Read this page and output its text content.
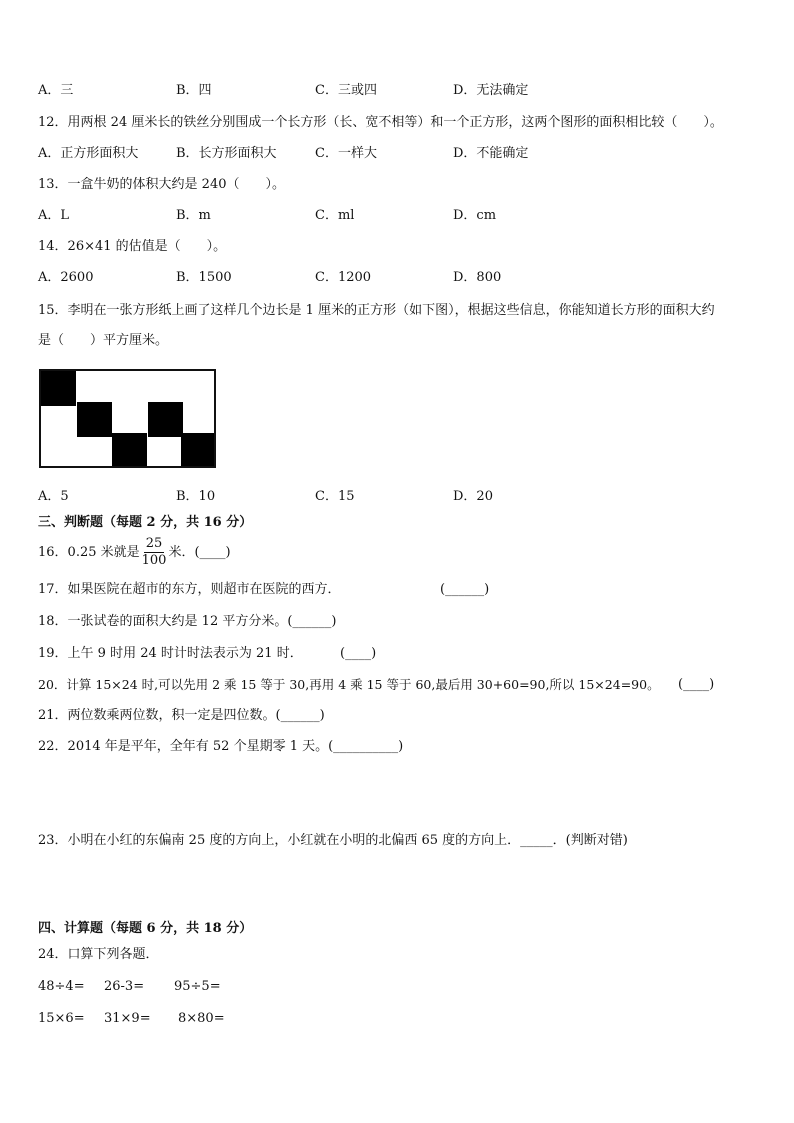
A．三	B．四	C．三或四	D．无法确定
12．用两根 24 厘米长的铁丝分别围成一个长方形（长、宽不相等）和一个正方形，这两个图形的面积相比较（　　）。
A．正方形面积大	B．长方形面积大	C．一样大	D．不能确定
13．一盒牛奶的体积大约是 240（　　）。
A．L	B．m	C．ml	D．cm
14．26×41 的估值是（　　）。
A．2600	B．1500	C．1200	D．800
15．李明在一张方形纸上画了这样几个边长是 1 厘米的正方形（如下图），根据这些信息，你能知道长方形的面积大约
是（　　）平方厘米。
A．5	B．10	C．15	D．20
三、判断题（每题 2 分，共 16 分）
16．0.25 米就是 $\frac{25}{100}$ 米．(____)
17．如果医院在超市的东方，则超市在医院的西方．	(______)
18．一张试卷的面积大约是 12 平方分米。(______)
19．上午 9 时用 24 时计时法表示为 21 时．	(____)
20．计算 15×24 时,可以先用 2 乘 15 等于 30,再用 4 乘 15 等于 60,最后用 30+60=90,所以 15×24=90。 (____)
21．两位数乘两位数，积一定是四位数。(______)
22．2014 年是平年，全年有 52 个星期零 1 天。(__________)
23．小明在小红的东偏南 25 度的方向上，小红就在小明的北偏西 65 度的方向上．_____．(判断对错)
四、计算题（每题 6 分，共 18 分）
24．口算下列各题．
48÷4= 26-3= 95÷5=
15×6= 31×9= 8×80=
